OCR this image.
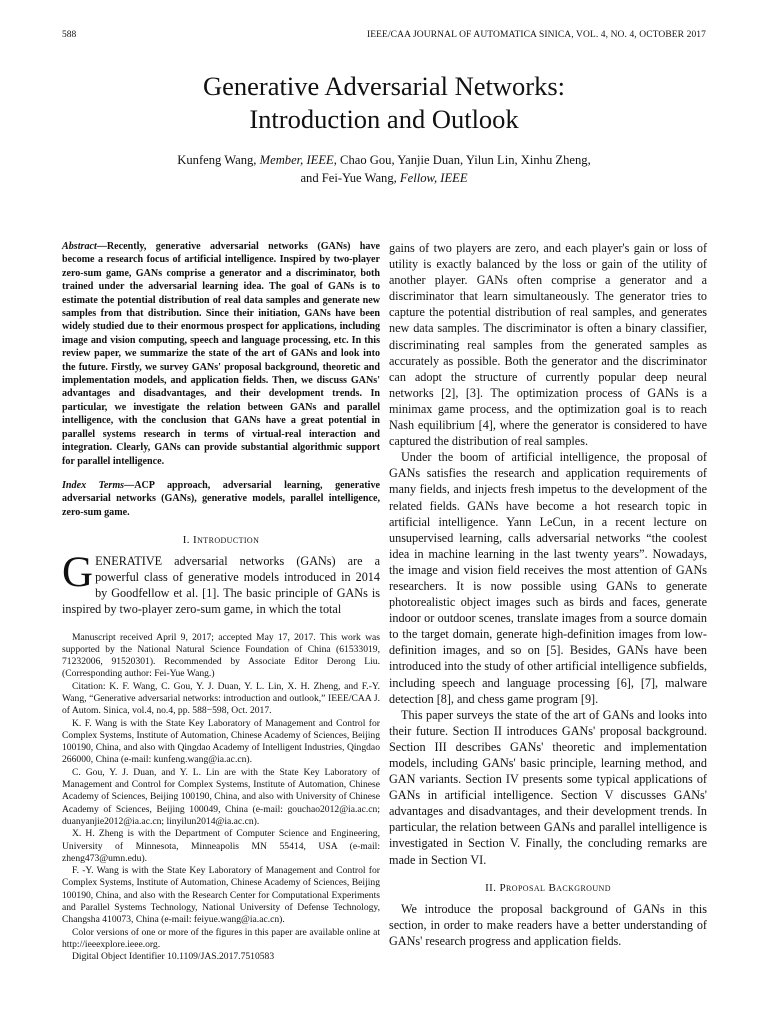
588	IEEE/CAA JOURNAL OF AUTOMATICA SINICA, VOL. 4, NO. 4, OCTOBER 2017
Generative Adversarial Networks:
Introduction and Outlook
Kunfeng Wang, Member, IEEE, Chao Gou, Yanjie Duan, Yilun Lin, Xinhu Zheng,
and Fei-Yue Wang, Fellow, IEEE

Abstract—Recently, generative adversarial networks (GANs) have become a research focus of artificial intelligence. Inspired by two-player zero-sum game, GANs comprise a generator and a discriminator, both trained under the adversarial learning idea. The goal of GANs is to estimate the potential distribution of real data samples and generate new samples from that distribution. Since their initiation, GANs have been widely studied due to their enormous prospect for applications, including image and vision computing, speech and language processing, etc. In this review paper, we summarize the state of the art of GANs and look into the future. Firstly, we survey GANs' proposal background, theoretic and implementation models, and application fields. Then, we discuss GANs' advantages and disadvantages, and their development trends. In particular, we investigate the relation between GANs and parallel intelligence, with the conclusion that GANs have a great potential in parallel systems research in terms of virtual-real interaction and integration. Clearly, GANs can provide substantial algorithmic support for parallel intelligence.

Index Terms—ACP approach, adversarial learning, generative adversarial networks (GANs), generative models, parallel intelligence, zero-sum game.

I. Introduction

GENERATIVE adversarial networks (GANs) are a powerful class of generative models introduced in 2014 by Goodfellow et al. [1]. The basic principle of GANs is inspired by two-player zero-sum game, in which the total

Manuscript received April 9, 2017; accepted May 17, 2017. This work was supported by the National Natural Science Foundation of China (61533019, 71232006, 91520301). Recommended by Associate Editor Derong Liu. (Corresponding author: Fei-Yue Wang.)

Citation: K. F. Wang, C. Gou, Y. J. Duan, Y. L. Lin, X. H. Zheng, and F.-Y. Wang, “Generative adversarial networks: introduction and outlook,” IEEE/CAA J. of Autom. Sinica, vol.4, no.4, pp. 588−598, Oct. 2017.

K. F. Wang is with the State Key Laboratory of Management and Control for Complex Systems, Institute of Automation, Chinese Academy of Sciences, Beijing 100190, China, and also with Qingdao Academy of Intelligent Industries, Qingdao 266000, China (e-mail: kunfeng.wang@ia.ac.cn).

C. Gou, Y. J. Duan, and Y. L. Lin are with the State Key Laboratory of Management and Control for Complex Systems, Institute of Automation, Chinese Academy of Sciences, Beijing 100190, China, and also with University of Chinese Academy of Sciences, Beijing 100049, China (e-mail: gouchao2012@ia.ac.cn; duanyanjie2012@ia.ac.cn; linyilun2014@ia.ac.cn).

X. H. Zheng is with the Department of Computer Science and Engineering, University of Minnesota, Minneapolis MN 55414, USA (e-mail: zheng473@umn.edu).

F. -Y. Wang is with the State Key Laboratory of Management and Control for Complex Systems, Institute of Automation, Chinese Academy of Sciences, Beijing 100190, China, and also with the Research Center for Computational Experiments and Parallel Systems Technology, National University of Defense Technology, Changsha 410073, China (e-mail: feiyue.wang@ia.ac.cn).

Color versions of one or more of the figures in this paper are available online at http://ieeexplore.ieee.org.

Digital Object Identifier 10.1109/JAS.2017.7510583

gains of two players are zero, and each player's gain or loss of utility is exactly balanced by the loss or gain of the utility of another player. GANs often comprise a generator and a discriminator that learn simultaneously. The generator tries to capture the potential distribution of real samples, and generates new data samples. The discriminator is often a binary classifier, discriminating real samples from the generated samples as accurately as possible. Both the generator and the discriminator can adopt the structure of currently popular deep neural networks [2], [3]. The optimization process of GANs is a minimax game process, and the optimization goal is to reach Nash equilibrium [4], where the generator is considered to have captured the distribution of real samples.

Under the boom of artificial intelligence, the proposal of GANs satisfies the research and application requirements of many fields, and injects fresh impetus to the development of the related fields. GANs have become a hot research topic in artificial intelligence. Yann LeCun, in a recent lecture on unsupervised learning, calls adversarial networks “the coolest idea in machine learning in the last twenty years”. Nowadays, the image and vision field receives the most attention of GANs researchers. It is now possible using GANs to generate photorealistic object images such as birds and faces, generate indoor or outdoor scenes, translate images from a source domain to the target domain, generate high-definition images from low-definition images, and so on [5]. Besides, GANs have been introduced into the study of other artificial intelligence subfields, including speech and language processing [6], [7], malware detection [8], and chess game program [9].

This paper surveys the state of the art of GANs and looks into their future. Section II introduces GANs' proposal background. Section III describes GANs' theoretic and implementation models, including GANs' basic principle, learning method, and GAN variants. Section IV presents some typical applications of GANs in artificial intelligence. Section V discusses GANs' advantages and disadvantages, and their development trends. In particular, the relation between GANs and parallel intelligence is investigated in Section V. Finally, the concluding remarks are made in Section VI.

II. Proposal Background

We introduce the proposal background of GANs in this section, in order to make readers have a better understanding of GANs' research progress and application fields.
